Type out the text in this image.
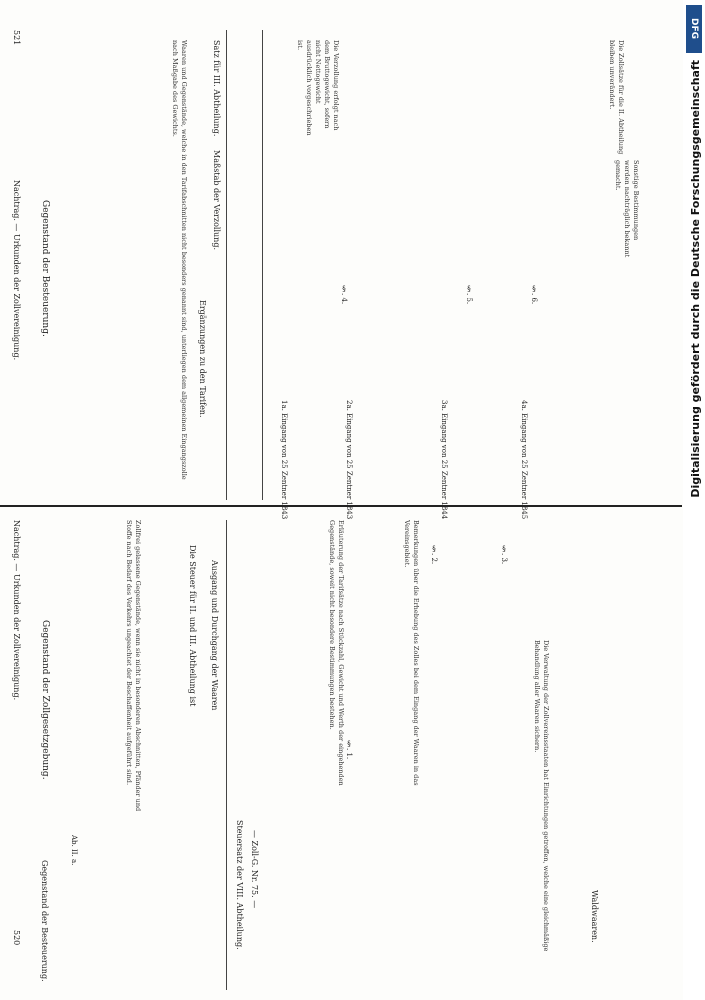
520
Nachtrag. — Urkunden der Zollvereinigung. Gegenstand der Zollgesetzgebung.
Gegenstand der Besteuerung.
Ab. II. a.
Zollfrei gelassene Gegenstände, wenn sie nicht in besonderen Abschnitten, Pfänder und Stoffe nach Bedarf des Verkehrs ungeachtet der Beschaffenheit aufgeführt sind.	Die Steuer für II. und III. Abtheilung ist Ausgang und Durchgang der Waaren
Steuersatz der VIII. Abtheilung. — Zoll-G. Nr. 75. —
Erläuterung der Tarifsätze nach Stückzahl, Gewicht und Werth der eingehenden Gegenstände, soweit nicht besondere Bestimmungen bestehen.	Bemerkungen über die Erhebung des Zolles bei dem Eingang der Waaren in das Vereinsgebiet.
Die Verwaltung der Zollvereinsstaaten hat Einrichtungen getroffen, welche eine gleichmäßige Behandlung aller Waaren sichern.
§. 1.
§. 2.	§. 3.
Waldwaaren.
521
Nachtrag. — Urkunden der Zollvereinigung. Gegenstand der Besteuerung.	Waaren und Gegenstände, welche in den Tarifabschnitten nicht besonders genannt sind, unterliegen dem allgemeinen Eingangszolle nach Maßgabe des Gewichts.
Ergänzungen zu den Tarifen.
Maßstab der Verzollung.
Satz für III. Abtheilung.
1a. Eingang von 25 Zentner 1843	2a. Eingang von 25 Zentner 1843	3a. Eingang von 25 Zentner 1844	4a. Eingang von 25 Zentner 1845
Die Verzollung erfolgt nach dem Bruttogewicht, sofern nicht Nettogewicht ausdrücklich vorgeschrieben ist.	Die Zollsätze für die II. Abtheilung bleiben unverändert.
Sonstige Bestimmungen werden nachträglich bekannt gemacht.
§. 4.	§. 5.	§. 6.
DFG
Digitalisierung gefördert durch die Deutsche Forschungsgemeinschaft
